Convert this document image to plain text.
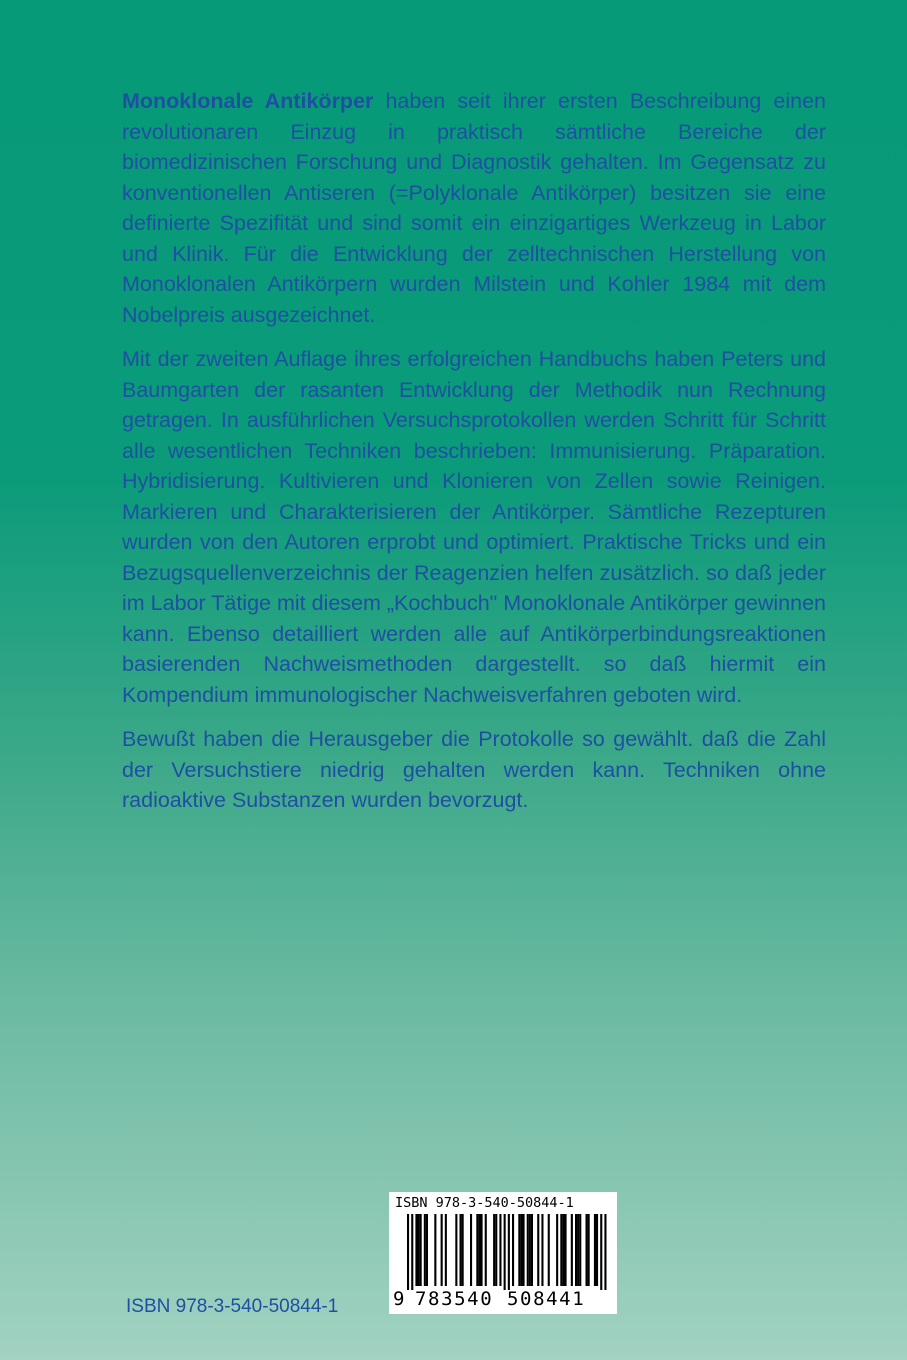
Monoklonale Antikörper haben seit ihrer ersten Beschreibung einen revolutionaren Einzug in praktisch sämtliche Bereiche der biomedizinischen Forschung und Diagnostik gehalten. Im Gegensatz zu konventionellen Antiseren (=Polyklonale Antikörper) besitzen sie eine definierte Spezifität und sind somit ein einzigartiges Werkzeug in Labor und Klinik. Für die Entwicklung der zelltechnischen Herstellung von Monoklonalen Antikörpern wurden Milstein und Kohler 1984 mit dem Nobelpreis ausgezeichnet.

Mit der zweiten Auflage ihres erfolgreichen Handbuchs haben Peters und Baumgarten der rasanten Entwicklung der Methodik nun Rechnung getragen. In ausführlichen Versuchsprotokollen werden Schritt für Schritt alle wesentlichen Techniken beschrieben: Immunisierung. Präparation. Hybridisierung. Kultivieren und Klonieren von Zellen sowie Reinigen. Markieren und Charakterisieren der Antikörper. Sämtliche Rezepturen wurden von den Autoren erprobt und optimiert. Praktische Tricks und ein Bezugsquellenverzeichnis der Reagenzien helfen zusätzlich. so daß jeder im Labor Tätige mit diesem „Kochbuch" Monoklonale Antikörper gewinnen kann. Ebenso detailliert werden alle auf Antikörperbindungsreaktionen basierenden Nachweismethoden dargestellt. so daß hiermit ein Kompendium immunologischer Nachweisverfahren geboten wird.

Bewußt haben die Herausgeber die Protokolle so gewählt. daß die Zahl der Versuchstiere niedrig gehalten werden kann. Techniken ohne radioaktive Substanzen wurden bevorzugt.

ISBN 978-3-540-50844-1
ISBN 978-3-540-50844-1
9 783540 508441
